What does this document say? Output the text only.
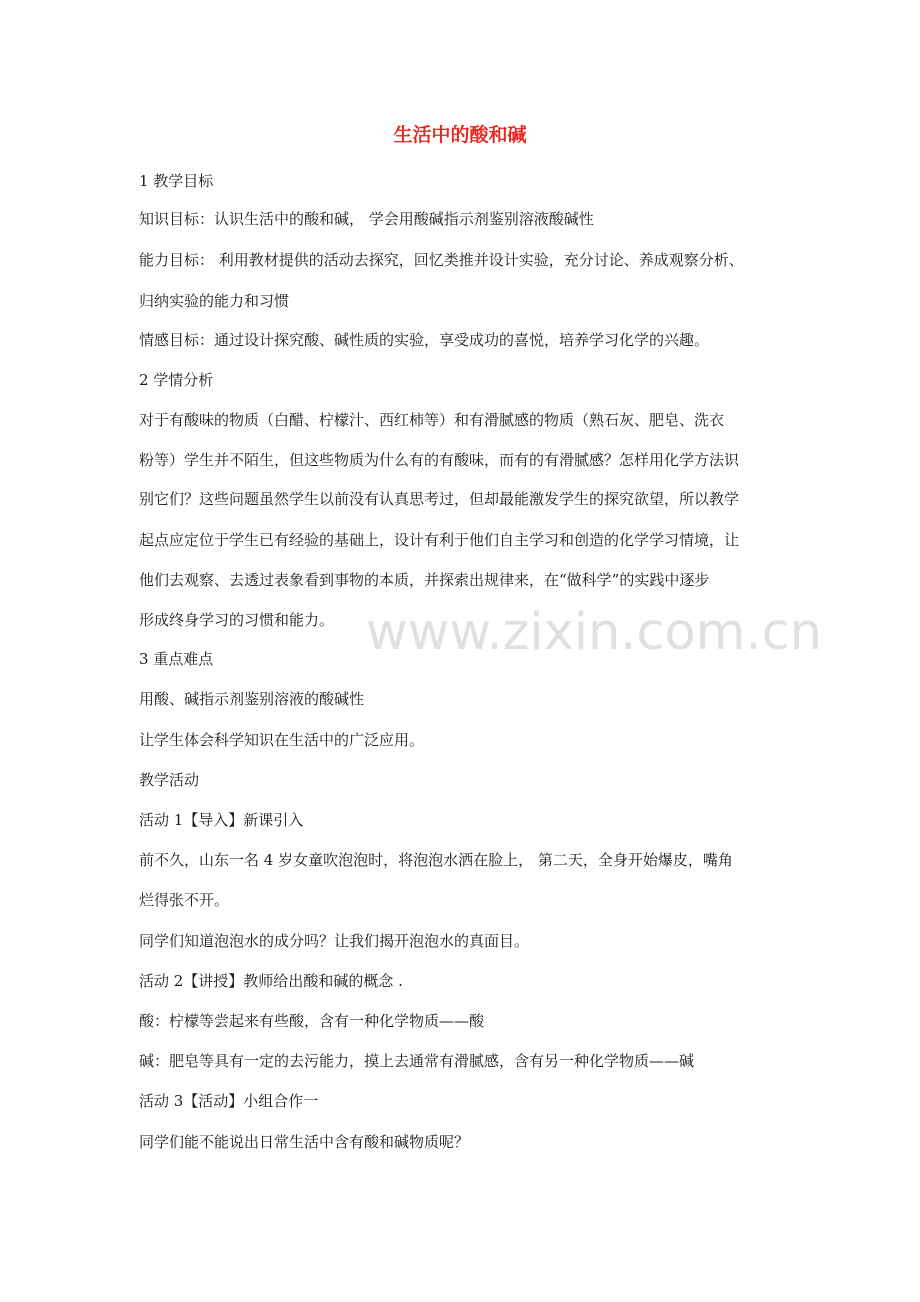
生活中的酸和碱
1 教学目标
知识目标：认识生活中的酸和碱， 学会用酸碱指示剂鉴别溶液酸碱性
能力目标： 利用教材提供的活动去探究，回忆类推并设计实验，充分讨论、养成观察分析、
归纳实验的能力和习惯
情感目标：通过设计探究酸、碱性质的实验，享受成功的喜悦，培养学习化学的兴趣。
2 学情分析
对于有酸味的物质（白醋、柠檬汁、西红柿等）和有滑腻感的物质（熟石灰、肥皂、洗衣
粉等）学生并不陌生，但这些物质为什么有的有酸味，而有的有滑腻感？怎样用化学方法识
别它们？这些问题虽然学生以前没有认真思考过，但却最能激发学生的探究欲望，所以教学
起点应定位于学生已有经验的基础上，设计有利于他们自主学习和创造的化学学习情境，让
他们去观察、去透过表象看到事物的本质，并探索出规律来，在“做科学”的实践中逐步
形成终身学习的习惯和能力。
3 重点难点
用酸、碱指示剂鉴别溶液的酸碱性
让学生体会科学知识在生活中的广泛应用。
教学活动
活动 1【导入】新课引入
前不久，山东一名 4 岁女童吹泡泡时，将泡泡水洒在脸上， 第二天，全身开始爆皮，嘴角
烂得张不开。
同学们知道泡泡水的成分吗？让我们揭开泡泡水的真面目。
活动 2【讲授】教师给出酸和碱的概念 .
酸：柠檬等尝起来有些酸，含有一种化学物质——酸
碱：肥皂等具有一定的去污能力，摸上去通常有滑腻感，含有另一种化学物质——碱
活动 3【活动】小组合作一
同学们能不能说出日常生活中含有酸和碱物质呢？
www.zixin.com.cn
